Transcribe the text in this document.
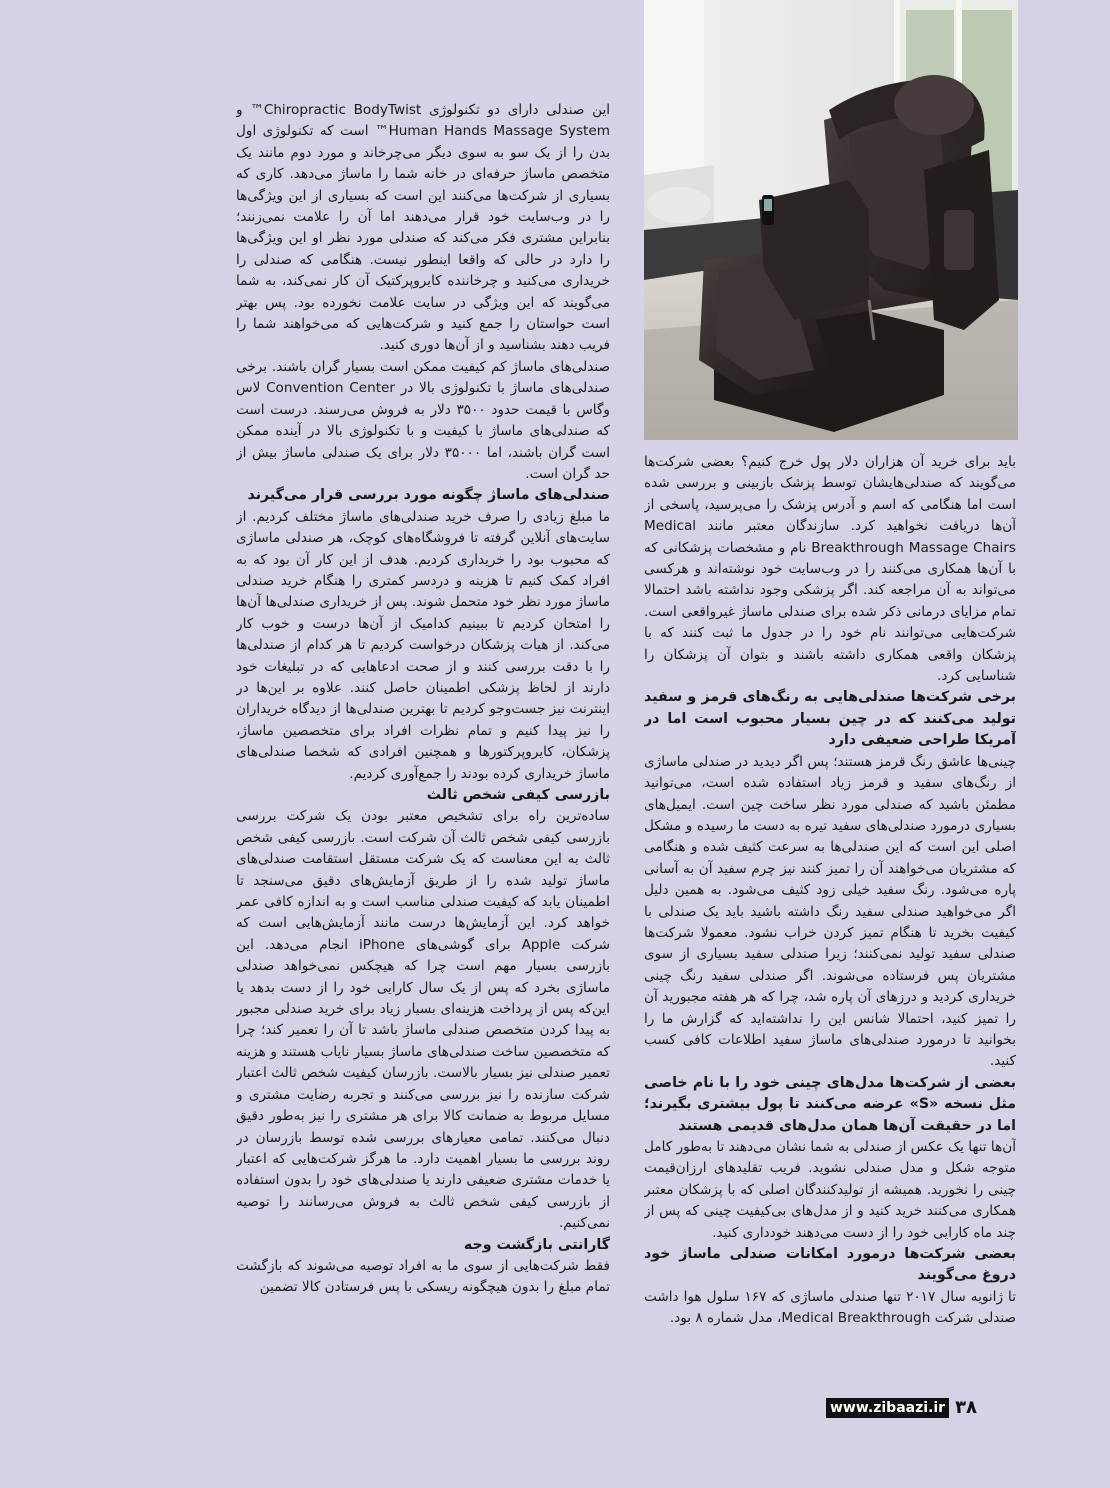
این صندلی دارای دو تکنولوژی Chiropractic BodyTwist™ و Human Hands Massage System™ است که تکنولوژی اول بدن را از یک سو به سوی دیگر می‌چرخاند و مورد دوم مانند یک متخصص ماساژ حرفه‌ای در خانه شما را ماساژ می‌دهد. کاری که بسیاری از شرکت‌ها می‌کنند این است که بسیاری از این ویژگی‌ها را در وب‌سایت خود قرار می‌دهند اما آن را علامت نمی‌زنند؛ بنابراین مشتری فکر می‌کند که صندلی مورد نظر او این ویژگی‌ها را دارد در حالی که واقعا اینطور نیست. هنگامی که صندلی را خریداری می‌کنید و چرخاننده کایروپرکتیک آن کار نمی‌کند، به شما می‌گویند که این ویژگی در سایت علامت نخورده بود. پس بهتر است حواستان را جمع کنید و شرکت‌هایی که می‌خواهند شما را فریب دهند بشناسید و از آن‌ها دوری کنید.

صندلی‌های ماساژ کم کیفیت ممکن است بسیار گران باشند. برخی صندلی‌های ماساژ با تکنولوژی بالا در Convention Center لاس وگاس با قیمت حدود ۳۵۰۰ دلار به فروش می‌رسند. درست است که صندلی‌های ماساژ با کیفیت و با تکنولوژی بالا در آینده ممکن است گران باشند، اما ۳۵۰۰۰ دلار برای یک صندلی ماساژ بیش از حد گران است.

صندلی‌های ماساژ چگونه مورد بررسی قرار می‌گیرند

ما مبلغ زیادی را صرف خرید صندلی‌های ماساژ مختلف کردیم. از سایت‌های آنلاین گرفته تا فروشگاه‌های کوچک، هر صندلی ماساژی که محبوب بود را خریداری کردیم. هدف از این کار آن بود که به افراد کمک کنیم تا هزینه و دردسر کمتری را هنگام خرید صندلی ماساژ مورد نظر خود متحمل شوند. پس از خریداری صندلی‌ها آن‌ها را امتحان کردیم تا ببینیم کدامیک از آن‌ها درست و خوب کار می‌کند. از هیات پزشکان درخواست کردیم تا هر کدام از صندلی‌ها را با دقت بررسی کنند و از صحت ادعاهایی که در تبلیغات خود دارند از لحاظ پزشکی اطمینان حاصل کنند. علاوه بر این‌ها در اینترنت نیز جست‌وجو کردیم تا بهترین صندلی‌ها از دیدگاه خریداران را نیز پیدا کنیم و تمام نظرات افراد برای متخصصین ماساژ، پزشکان، کایروپرکتورها و همچنین افرادی که شخصا صندلی‌های ماساژ خریداری کرده بودند را جمع‌آوری کردیم.

بازرسی کیفی شخص ثالث

ساده‌ترین راه برای تشخیص معتبر بودن یک شرکت بررسی بازرسی کیفی شخص ثالث آن شرکت است. بازرسی کیفی شخص ثالث به این معناست که یک شرکت مستقل استقامت صندلی‌های ماساژ تولید شده را از طریق آزمایش‌های دقیق می‌سنجد تا اطمینان یابد که کیفیت صندلی مناسب است و به اندازه کافی عمر خواهد کرد. این آزمایش‌ها درست مانند آزمایش‌هایی است که شرکت Apple برای گوشی‌های iPhone انجام می‌دهد. این بازرسی بسیار مهم است چرا که هیچکس نمی‌خواهد صندلی ماساژی بخرد که پس از یک سال کارایی خود را از دست بدهد یا این‌که پس از پرداخت هزینه‌ای بسیار زیاد برای خرید صندلی مجبور به پیدا کردن متخصص صندلی ماساژ باشد تا آن را تعمیر کند؛ چرا که متخصصین ساخت صندلی‌های ماساژ بسیار نایاب هستند و هزینه تعمیر صندلی نیز بسیار بالاست. بازرسان کیفیت شخص ثالث اعتبار شرکت سازنده را نیز بررسی می‌کنند و تجربه رضایت مشتری و مسایل مربوط به ضمانت کالا برای هر مشتری را نیز به‌طور دقیق دنبال می‌کنند. تمامی معیارهای بررسی شده توسط بازرسان در روند بررسی ما بسیار اهمیت دارد. ما هرگز شرکت‌هایی که اعتبار یا خدمات مشتری ضعیفی دارند یا صندلی‌های خود را بدون استفاده از بازرسی کیفی شخص ثالث به فروش می‌رسانند را توصیه نمی‌کنیم.

گارانتی بازگشت وجه

فقط شرکت‌هایی از سوی ما به افراد توصیه می‌شوند که بازگشت تمام مبلغ را بدون هیچگونه ریسکی با پس فرستادن کالا تضمین

باید برای خرید آن هزاران دلار پول خرج کنیم؟ بعضی شرکت‌ها می‌گویند که صندلی‌هایشان توسط پزشک بازبینی و بررسی شده است اما هنگامی که اسم و آدرس پزشک را می‌پرسید، پاسخی از آن‌ها دریافت نخواهید کرد. سازندگان معتبر مانند Medical Breakthrough Massage Chairs نام و مشخصات پزشکانی که با آن‌ها همکاری می‌کنند را در وب‌سایت خود نوشته‌اند و هرکسی می‌تواند به آن مراجعه کند. اگر پزشکی وجود نداشته باشد احتمالا تمام مزایای درمانی ذکر شده برای صندلی ماساژ غیرواقعی است. شرکت‌هایی می‌توانند نام خود را در جدول ما ثبت کنند که با پزشکان واقعی همکاری داشته باشند و بتوان آن پزشکان را شناسایی کرد.

برخی شرکت‌ها صندلی‌هایی به رنگ‌های قرمز و سفید تولید می‌کنند که در چین بسیار محبوب است اما در آمریکا طراحی ضعیفی دارد

چینی‌ها عاشق رنگ قرمز هستند؛ پس اگر دیدید در صندلی ماساژی از رنگ‌های سفید و قرمز زیاد استفاده شده است، می‌توانید مطمئن باشید که صندلی مورد نظر ساخت چین است. ایمیل‌های بسیاری درمورد صندلی‌های سفید تیره به دست ما رسیده و مشکل اصلی این است که این صندلی‌ها به سرعت کثیف شده و هنگامی که مشتریان می‌خواهند آن را تمیز کنند نیز چرم سفید آن به آسانی پاره می‌شود. رنگ سفید خیلی زود کثیف می‌شود. به همین دلیل اگر می‌خواهید صندلی سفید رنگ داشته باشید باید یک صندلی با کیفیت بخرید تا هنگام تمیز کردن خراب نشود. معمولا شرکت‌ها صندلی سفید تولید نمی‌کنند؛ زیرا صندلی سفید بسیاری از سوی مشتریان پس فرستاده می‌شوند. اگر صندلی سفید رنگ چینی خریداری کردید و درزهای آن پاره شد، چرا که هر هفته مجبورید آن را تمیز کنید، احتمالا شانس این را نداشته‌اید که گزارش ما را بخوانید تا درمورد صندلی‌های ماساژ سفید اطلاعات کافی کسب کنید.

بعضی از شرکت‌ها مدل‌های چینی خود را با نام خاصی مثل نسخه «S» عرضه می‌کنند تا پول بیشتری بگیرند؛ اما در حقیقت آن‌ها همان مدل‌های قدیمی هستند

آن‌ها تنها یک عکس از صندلی به شما نشان می‌دهند تا به‌طور کامل متوجه شکل و مدل صندلی نشوید. فریب تقلیدهای ارزان‌قیمت چینی را نخورید. همیشه از تولیدکنندگان اصلی که با پزشکان معتبر همکاری می‌کنند خرید کنید و از مدل‌های بی‌کیفیت چینی که پس از چند ماه کارایی خود را از دست می‌دهند خودداری کنید.

بعضی شرکت‌ها درمورد امکانات صندلی ماساژ خود دروغ می‌گویند

تا ژانویه سال ۲۰۱۷ تنها صندلی ماساژی که ۱۶۷ سلول هوا داشت صندلی شرکت Medical Breakthrough، مدل شماره ۸ بود.

www.zibaazi.ir ۳۸
